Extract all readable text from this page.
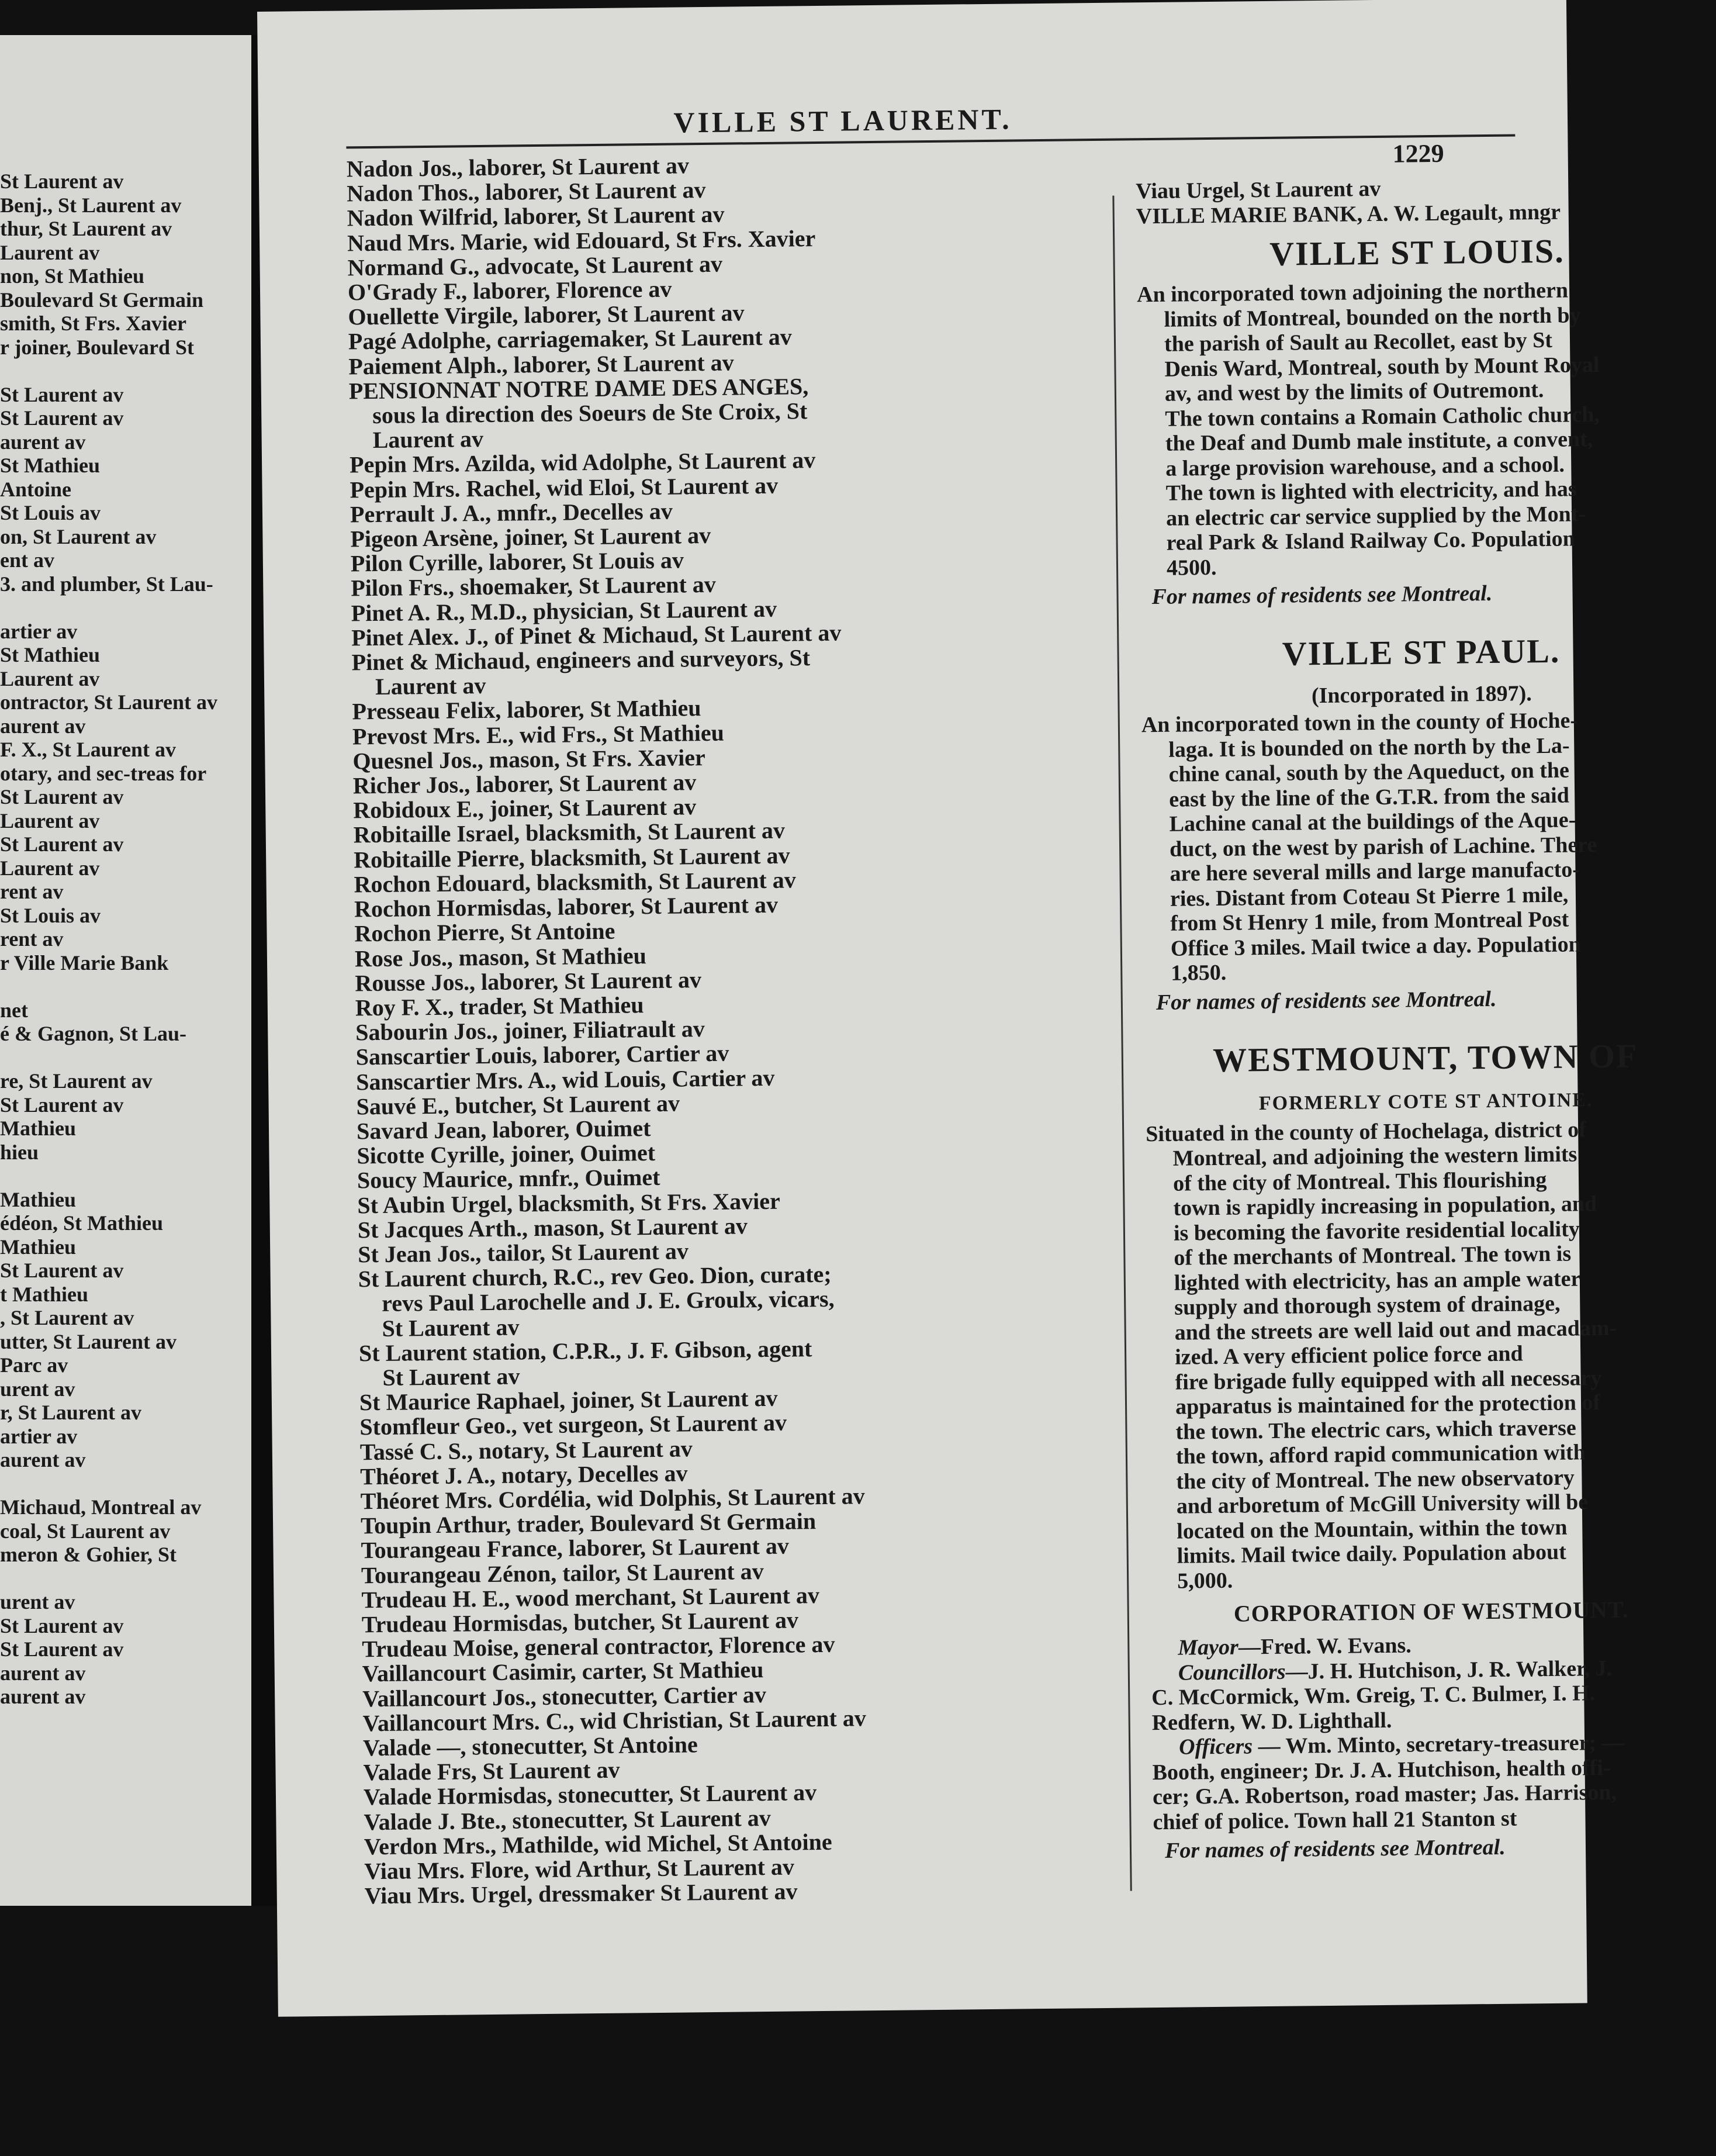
St Laurent av
Benj., St Laurent av
thur, St Laurent av
Laurent av
non, St Mathieu
Boulevard St Germain
smith, St Frs. Xavier
r joiner, Boulevard St
St Laurent av
St Laurent av
aurent av
St Mathieu
Antoine
St Louis av
on, St Laurent av
ent av
3. and plumber, St Lau-
artier av
St Mathieu
Laurent av
ontractor, St Laurent av
aurent av
F. X., St Laurent av
otary, and sec-treas for
St Laurent av
Laurent av
St Laurent av
Laurent av
rent av
St Louis av
rent av
r Ville Marie Bank
net
é & Gagnon, St Lau-
re, St Laurent av
St Laurent av
Mathieu
hieu
Mathieu
édéon, St Mathieu
Mathieu
St Laurent av
t Mathieu
, St Laurent av
utter, St Laurent av
Parc av
urent av
r, St Laurent av
artier av
aurent av
Michaud, Montreal av
coal, St Laurent av
meron & Gohier, St
urent av
St Laurent av
St Laurent av
aurent av
aurent av
VILLE ST LAURENT.
1229
Nadon Jos., laborer, St Laurent av
Nadon Thos., laborer, St Laurent av
Nadon Wilfrid, laborer, St Laurent av
Naud Mrs. Marie, wid Edouard, St Frs. Xavier
Normand G., advocate, St Laurent av
O'Grady F., laborer, Florence av
Ouellette Virgile, laborer, St Laurent av
Pagé Adolphe, carriagemaker, St Laurent av
Paiement Alph., laborer, St Laurent av
PENSIONNAT NOTRE DAME DES ANGES,
sous la direction des Soeurs de Ste Croix, St
Laurent av
Pepin Mrs. Azilda, wid Adolphe, St Laurent av
Pepin Mrs. Rachel, wid Eloi, St Laurent av
Perrault J. A., mnfr., Decelles av
Pigeon Arsène, joiner, St Laurent av
Pilon Cyrille, laborer, St Louis av
Pilon Frs., shoemaker, St Laurent av
Pinet A. R., M.D., physician, St Laurent av
Pinet Alex. J., of Pinet & Michaud, St Laurent av
Pinet & Michaud, engineers and surveyors, St
Laurent av
Presseau Felix, laborer, St Mathieu
Prevost Mrs. E., wid Frs., St Mathieu
Quesnel Jos., mason, St Frs. Xavier
Richer Jos., laborer, St Laurent av
Robidoux E., joiner, St Laurent av
Robitaille Israel, blacksmith, St Laurent av
Robitaille Pierre, blacksmith, St Laurent av
Rochon Edouard, blacksmith, St Laurent av
Rochon Hormisdas, laborer, St Laurent av
Rochon Pierre, St Antoine
Rose Jos., mason, St Mathieu
Rousse Jos., laborer, St Laurent av
Roy F. X., trader, St Mathieu
Sabourin Jos., joiner, Filiatrault av
Sanscartier Louis, laborer, Cartier av
Sanscartier Mrs. A., wid Louis, Cartier av
Sauvé E., butcher, St Laurent av
Savard Jean, laborer, Ouimet
Sicotte Cyrille, joiner, Ouimet
Soucy Maurice, mnfr., Ouimet
St Aubin Urgel, blacksmith, St Frs. Xavier
St Jacques Arth., mason, St Laurent av
St Jean Jos., tailor, St Laurent av
St Laurent church, R.C., rev Geo. Dion, curate;
revs Paul Larochelle and J. E. Groulx, vicars,
St Laurent av
St Laurent station, C.P.R., J. F. Gibson, agent
St Laurent av
St Maurice Raphael, joiner, St Laurent av
Stomfleur Geo., vet surgeon, St Laurent av
Tassé C. S., notary, St Laurent av
Théoret J. A., notary, Decelles av
Théoret Mrs. Cordélia, wid Dolphis, St Laurent av
Toupin Arthur, trader, Boulevard St Germain
Tourangeau France, laborer, St Laurent av
Tourangeau Zénon, tailor, St Laurent av
Trudeau H. E., wood merchant, St Laurent av
Trudeau Hormisdas, butcher, St Laurent av
Trudeau Moise, general contractor, Florence av
Vaillancourt Casimir, carter, St Mathieu
Vaillancourt Jos., stonecutter, Cartier av
Vaillancourt Mrs. C., wid Christian, St Laurent av
Valade —, stonecutter, St Antoine
Valade Frs, St Laurent av
Valade Hormisdas, stonecutter, St Laurent av
Valade J. Bte., stonecutter, St Laurent av
Verdon Mrs., Mathilde, wid Michel, St Antoine
Viau Mrs. Flore, wid Arthur, St Laurent av
Viau Mrs. Urgel, dressmaker St Laurent av
Viau Urgel, St Laurent av
VILLE MARIE BANK, A. W. Legault, mngr
VILLE ST LOUIS.
An incorporated town adjoining the northern
limits of Montreal, bounded on the north by
the parish of Sault au Recollet, east by St
Denis Ward, Montreal, south by Mount Royal
av, and west by the limits of Outremont.
The town contains a Romain Catholic church,
the Deaf and Dumb male institute, a convent,
a large provision warehouse, and a school.
The town is lighted with electricity, and has
an electric car service supplied by the Mont-
real Park & Island Railway Co. Population
4500.
For names of residents see Montreal.
VILLE ST PAUL.
(Incorporated in 1897).
An incorporated town in the county of Hoche-
laga. It is bounded on the north by the La-
chine canal, south by the Aqueduct, on the
east by the line of the G.T.R. from the said
Lachine canal at the buildings of the Aque-
duct, on the west by parish of Lachine. There
are here several mills and large manufacto-
ries. Distant from Coteau St Pierre 1 mile,
from St Henry 1 mile, from Montreal Post
Office 3 miles. Mail twice a day. Population
1,850.
For names of residents see Montreal.
WESTMOUNT, TOWN OF
FORMERLY COTE ST ANTOINE.
Situated in the county of Hochelaga, district of
Montreal, and adjoining the western limits
of the city of Montreal. This flourishing
town is rapidly increasing in population, and
is becoming the favorite residential locality
of the merchants of Montreal. The town is
lighted with electricity, has an ample water
supply and thorough system of drainage,
and the streets are well laid out and macadam-
ized. A very efficient police force and
fire brigade fully equipped with all necessary
apparatus is maintained for the protection of
the town. The electric cars, which traverse
the town, afford rapid communication with
the city of Montreal. The new observatory
and arboretum of McGill University will be
located on the Mountain, within the town
limits. Mail twice daily. Population about
5,000.
CORPORATION OF WESTMOUNT.
Mayor—Fred. W. Evans.
Councillors—J. H. Hutchison, J. R. Walker, J.
C. McCormick, Wm. Greig, T. C. Bulmer, I. H.
Redfern, W. D. Lighthall.
Officers — Wm. Minto, secretary-treasurer; —
Booth, engineer; Dr. J. A. Hutchison, health offi-
cer; G.A. Robertson, road master; Jas. Harrison,
chief of police. Town hall 21 Stanton st
For names of residents see Montreal.
